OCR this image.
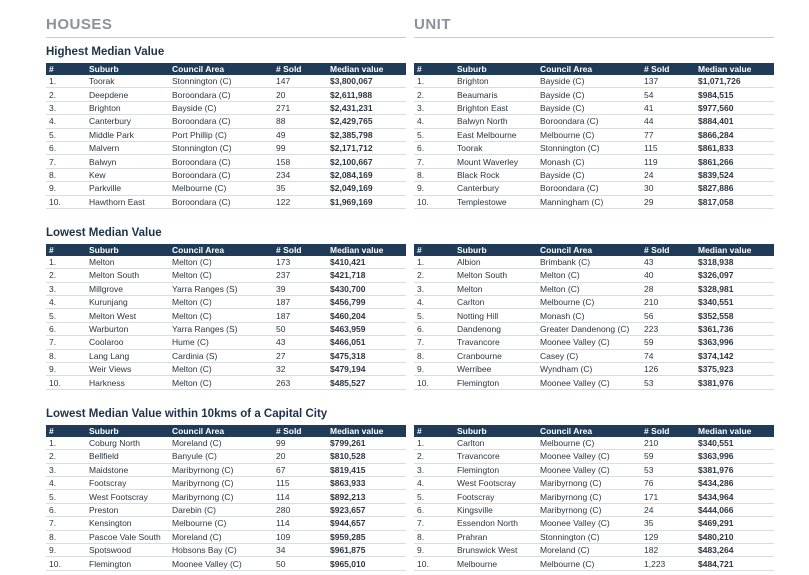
HOUSES
Highest Median Value
#	Suburb	Council Area	# Sold	Median value
1.	Toorak	Stonnington (C)	147	$3,800,067
2.	Deepdene	Boroondara (C)	20	$2,611,988
3.	Brighton	Bayside (C)	271	$2,431,231
4.	Canterbury	Boroondara (C)	88	$2,429,765
5.	Middle Park	Port Phillip (C)	49	$2,385,798
6.	Malvern	Stonnington (C)	99	$2,171,712
7.	Balwyn	Boroondara (C)	158	$2,100,667
8.	Kew	Boroondara (C)	234	$2,084,169
9.	Parkville	Melbourne (C)	35	$2,049,169
10.	Hawthorn East	Boroondara (C)	122	$1,969,169
Lowest Median Value
#	Suburb	Council Area	# Sold	Median value
1.	Melton	Melton (C)	173	$410,421
2.	Melton South	Melton (C)	237	$421,718
3.	Millgrove	Yarra Ranges (S)	39	$430,700
4.	Kurunjang	Melton (C)	187	$456,799
5.	Melton West	Melton (C)	187	$460,204
6.	Warburton	Yarra Ranges (S)	50	$463,959
7.	Coolaroo	Hume (C)	43	$466,051
8.	Lang Lang	Cardinia (S)	27	$475,318
9.	Weir Views	Melton (C)	32	$479,194
10.	Harkness	Melton (C)	263	$485,527
Lowest Median Value within 10kms of a Capital City
#	Suburb	Council Area	# Sold	Median value
1.	Coburg North	Moreland (C)	99	$799,261
2.	Bellfield	Banyule (C)	20	$810,528
3.	Maidstone	Maribyrnong (C)	67	$819,415
4.	Footscray	Maribyrnong (C)	115	$863,933
5.	West Footscray	Maribyrnong (C)	114	$892,213
6.	Preston	Darebin (C)	280	$923,657
7.	Kensington	Melbourne (C)	114	$944,657
8.	Pascoe Vale South	Moreland (C)	109	$959,285
9.	Spotswood	Hobsons Bay (C)	34	$961,875
10.	Flemington	Moonee Valley (C)	50	$965,010
UNIT
#	Suburb	Council Area	# Sold	Median value
1.	Brighton	Bayside (C)	137	$1,071,726
2.	Beaumaris	Bayside (C)	54	$984,515
3.	Brighton East	Bayside (C)	41	$977,560
4.	Balwyn North	Boroondara (C)	44	$884,401
5.	East Melbourne	Melbourne (C)	77	$866,284
6.	Toorak	Stonnington (C)	115	$861,833
7.	Mount Waverley	Monash (C)	119	$861,266
8.	Black Rock	Bayside (C)	24	$839,524
9.	Canterbury	Boroondara (C)	30	$827,886
10.	Templestowe	Manningham (C)	29	$817,058
#	Suburb	Council Area	# Sold	Median value
1.	Albion	Brimbank (C)	43	$318,938
2.	Melton South	Melton (C)	40	$326,097
3.	Melton	Melton (C)	28	$328,981
4.	Carlton	Melbourne (C)	210	$340,551
5.	Notting Hill	Monash (C)	56	$352,558
6.	Dandenong	Greater Dandenong (C)	223	$361,736
7.	Travancore	Moonee Valley (C)	59	$363,996
8.	Cranbourne	Casey (C)	74	$374,142
9.	Werribee	Wyndham (C)	126	$375,923
10.	Flemington	Moonee Valley (C)	53	$381,976
#	Suburb	Council Area	# Sold	Median value
1.	Carlton	Melbourne (C)	210	$340,551
2.	Travancore	Moonee Valley (C)	59	$363,996
3.	Flemington	Moonee Valley (C)	53	$381,976
4.	West Footscray	Maribyrnong (C)	76	$434,286
5.	Footscray	Maribyrnong (C)	171	$434,964
6.	Kingsville	Maribyrnong (C)	24	$444,066
7.	Essendon North	Moonee Valley (C)	35	$469,291
8.	Prahran	Stonnington (C)	129	$480,210
9.	Brunswick West	Moreland (C)	182	$483,264
10.	Melbourne	Melbourne (C)	1,223	$484,721
